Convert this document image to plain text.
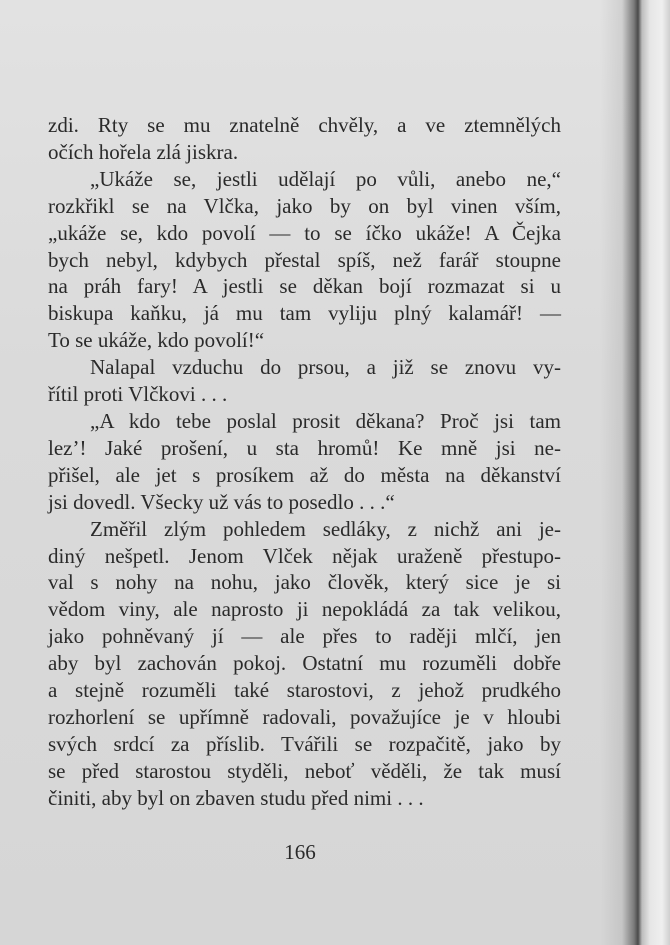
zdi. Rty se mu znatelně chvěly, a ve ztemnělých
očích hořela zlá jiskra.
„Ukáže se, jestli udělají po vůli, anebo ne,“
rozkřikl se na Vlčka, jako by on byl vinen vším,
„ukáže se, kdo povolí — to se íčko ukáže! A Čejka
bych nebyl, kdybych přestal spíš, než farář stoupne
na práh fary! A jestli se děkan bojí rozmazat si u
biskupa kaňku, já mu tam vyliju plný kalamář! —
To se ukáže, kdo povolí!“
Nalapal vzduchu do prsou, a již se znovu vy-
řítil proti Vlčkovi . . .
„A kdo tebe poslal prosit děkana? Proč jsi tam
lez’! Jaké prošení, u sta hromů! Ke mně jsi ne-
přišel, ale jet s prosíkem až do města na děkanství
jsi dovedl. Všecky už vás to posedlo . . .“
Změřil zlým pohledem sedláky, z nichž ani je-
diný nešpetl. Jenom Vlček nějak uraženě přestupo-
val s nohy na nohu, jako člověk, který sice je si
vědom viny, ale naprosto ji nepokládá za tak velikou,
jako pohněvaný jí — ale přes to raději mlčí, jen
aby byl zachován pokoj. Ostatní mu rozuměli dobře
a stejně rozuměli také starostovi, z jehož prudkého
rozhorlení se upřímně radovali, považujíce je v hloubi
svých srdcí za příslib. Tvářili se rozpačitě, jako by
se před starostou styděli, neboť věděli, že tak musí
činiti, aby byl on zbaven studu před nimi . . .
166
